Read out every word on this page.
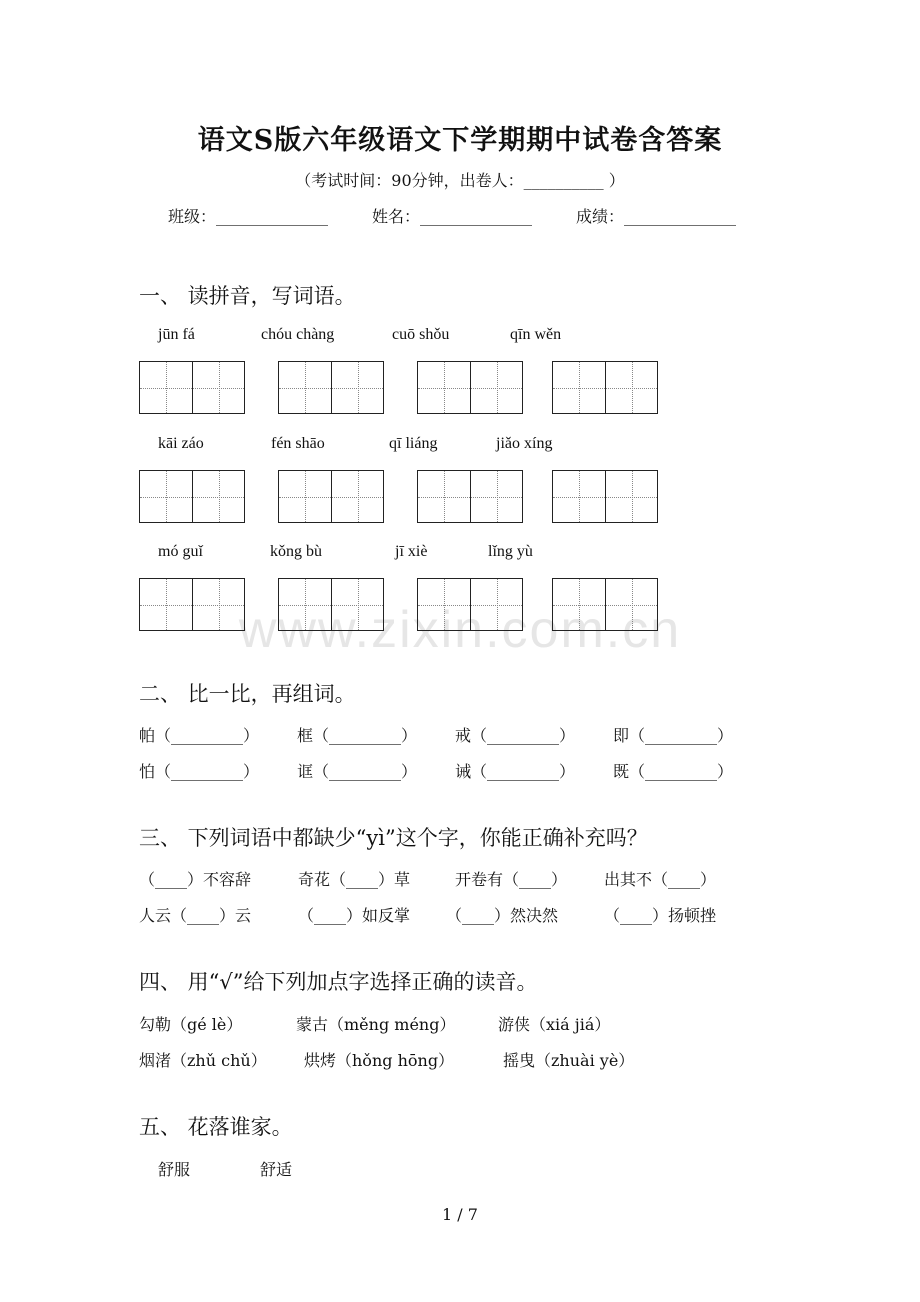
语文S版六年级语文下学期期中试卷含答案
（考试时间：90分钟，出卷人：__________ ）
班级：______________	姓名：______________	成绩：______________
www.zixin.com.cn
一、 读拼音，写词语。
jūn fá	chóu chàng	cuō shǒu	qīn wěn
kāi záo	fén shāo	qī liáng	jiǎo xíng
mó guǐ	kǒng bù	jī xiè	lǐng yù
二、 比一比，再组词。
帕（_________） 框（_________） 戒（_________） 即（_________）
怕（_________） 诓（_________） 诫（_________） 既（_________）
三、 下列词语中都缺少“yì”这个字，你能正确补充吗？
（____）不容辞	奇花（____）草	开卷有（____） 出其不（____）
人云（____）云	（____）如反掌 （____）然决然	（____）扬顿挫
四、 用“√”给下列加点字选择正确的读音。
勾勒（gé lè）	蒙古（měng méng）	游侠（xiá jiá）
烟渚（zhǔ chǔ） 烘烤（hǒng hōng）	摇曳（zhuài yè）
五、 花落谁家。
舒服	舒适
1 / 7
